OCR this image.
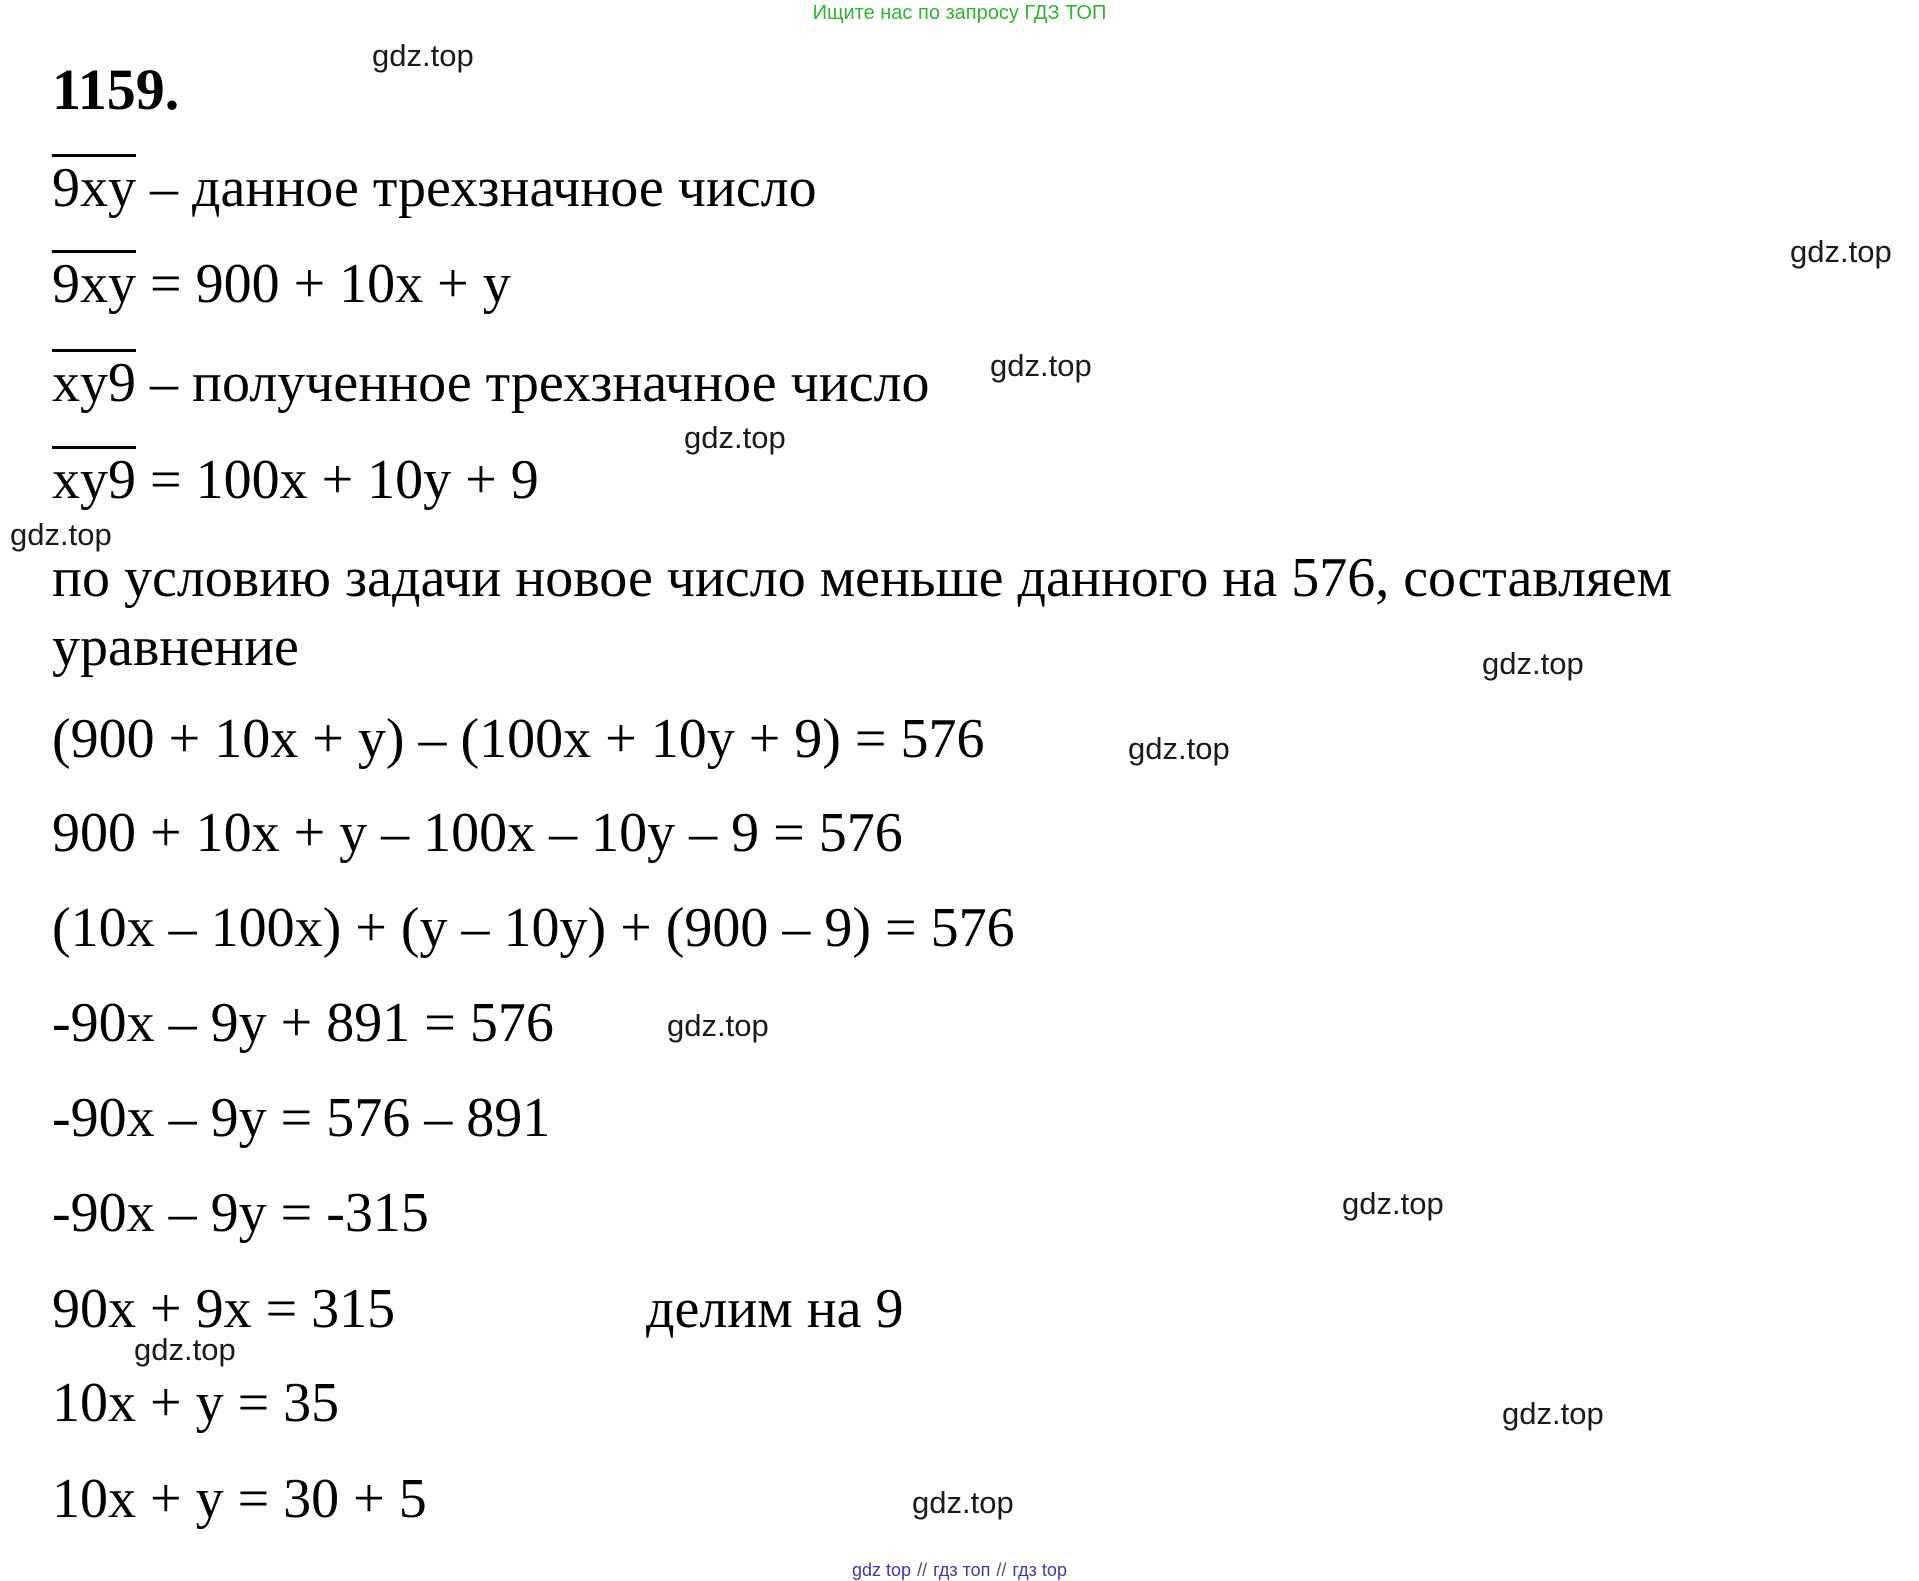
Ищите нас по запросу ГДЗ ТОП
1159.
9xy – данное трехзначное число
9xy = 900 + 10x + y
xy9 – полученное трехзначное число
xy9 = 100x + 10y + 9
по условию задачи новое число меньше данного на 576, составляем
уравнение
(900 + 10x + y) – (100x + 10y + 9) = 576
900 + 10x + y – 100x – 10y – 9 = 576
(10x – 100x) + (y – 10y) + (900 – 9) = 576
-90x – 9y + 891 = 576
-90x – 9y = 576 – 891
-90x – 9y = -315
90x + 9x = 315	делим на 9
10x + y = 35
10x + y = 30 + 5
gdz.top
gdz.top
gdz.top
gdz.top
gdz.top
gdz.top
gdz.top
gdz.top
gdz.top
gdz.top
gdz.top
gdz.top
gdz top // гдз топ // гдз top
